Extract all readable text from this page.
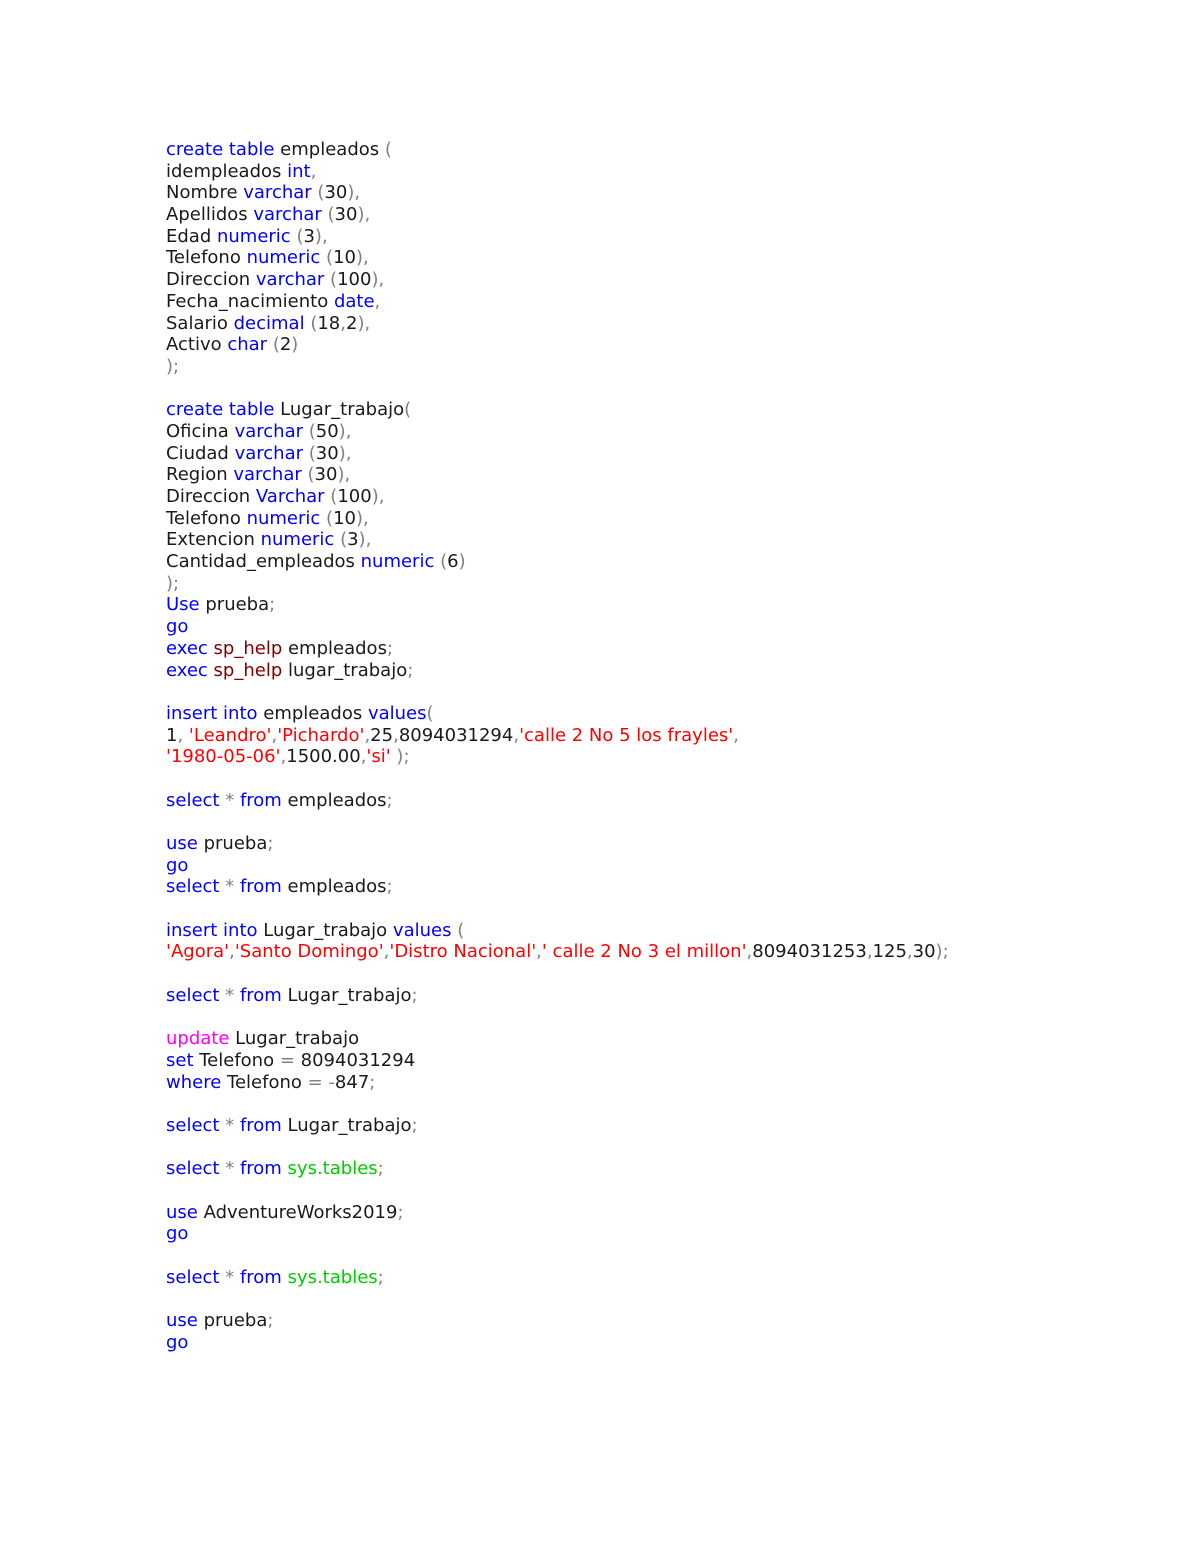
create table empleados (
idempleados int,
Nombre varchar (30),
Apellidos varchar (30),
Edad numeric (3),
Telefono numeric (10),
Direccion varchar (100),
Fecha_nacimiento date,
Salario decimal (18,2),
Activo char (2)
);

create table Lugar_trabajo(
Oficina varchar (50),
Ciudad varchar (30),
Region varchar (30),
Direccion Varchar (100),
Telefono numeric (10),
Extencion numeric (3),
Cantidad_empleados numeric (6)
);
Use prueba;
go
exec sp_help empleados;
exec sp_help lugar_trabajo;

insert into empleados values(
1, 'Leandro','Pichardo',25,8094031294,'calle 2 No 5 los frayles',
'1980-05-06',1500.00,'si' );

select * from empleados;

use prueba;
go
select * from empleados;

insert into Lugar_trabajo values (
'Agora','Santo Domingo','Distro Nacional',' calle 2 No 3 el millon',8094031253,125,30);

select * from Lugar_trabajo;

update Lugar_trabajo
set Telefono = 8094031294
where Telefono = -847;

select * from Lugar_trabajo;

select * from sys.tables;

use AdventureWorks2019;
go

select * from sys.tables;

use prueba;
go
